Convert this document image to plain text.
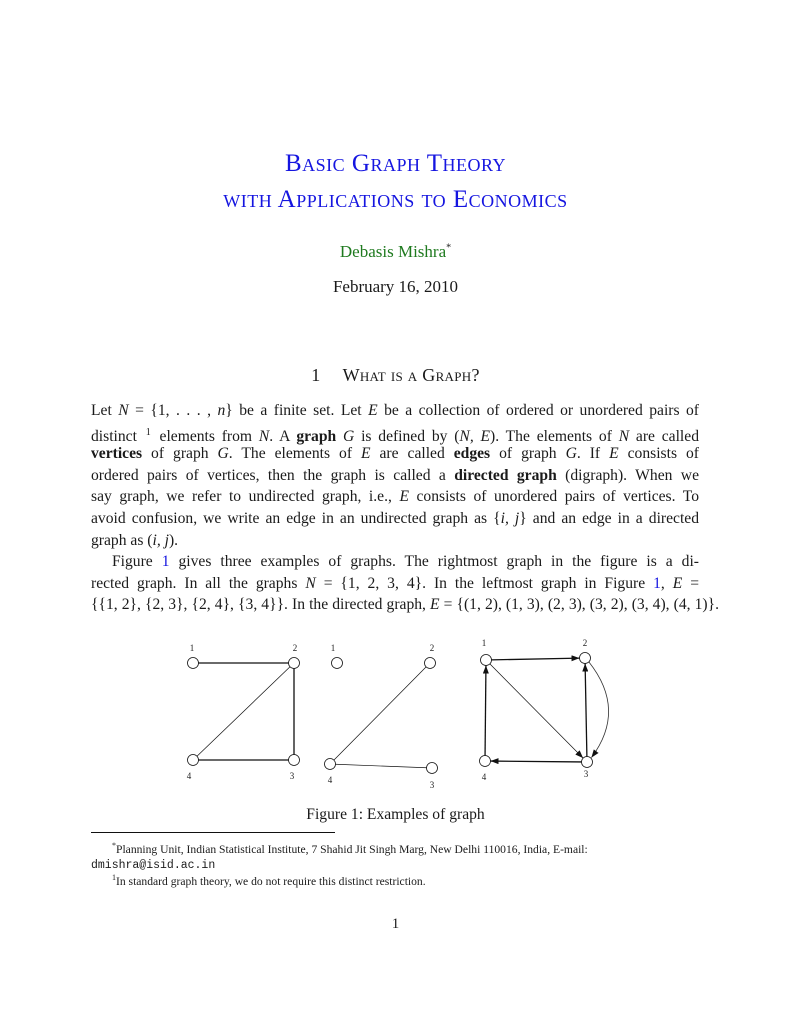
Basic Graph Theory
with Applications to Economics
Debasis Mishra*
February 16, 2010
1 What is a Graph?
Let N = {1, . . . , n} be a finite set. Let E be a collection of ordered or unordered pairs of
distinct $^1$ elements from N. A graph G is defined by (N, E). The elements of N are called
vertices of graph G. The elements of E are called edges of graph G. If E consists of
ordered pairs of vertices, then the graph is called a directed graph (digraph). When we
say graph, we refer to undirected graph, i.e., E consists of unordered pairs of vertices. To
avoid confusion, we write an edge in an undirected graph as {i, j} and an edge in a directed
graph as (i, j).
Figure 1 gives three examples of graphs. The rightmost graph in the figure is a di-
rected graph. In all the graphs N = {1, 2, 3, 4}. In the leftmost graph in Figure 1, E =
{{1, 2}, {2, 3}, {2, 4}, {3, 4}}. In the directed graph, E = {(1, 2), (1, 3), (2, 3), (3, 2), (3, 4), (4, 1)}.
1	2
3
4
1	2
3
4
1	2
3
4
Figure 1: Examples of graph
*Planning Unit, Indian Statistical Institute, 7 Shahid Jit Singh Marg, New Delhi 110016, India, E-mail:
dmishra@isid.ac.in
$^1$In standard graph theory, we do not require this distinct restriction.
1
